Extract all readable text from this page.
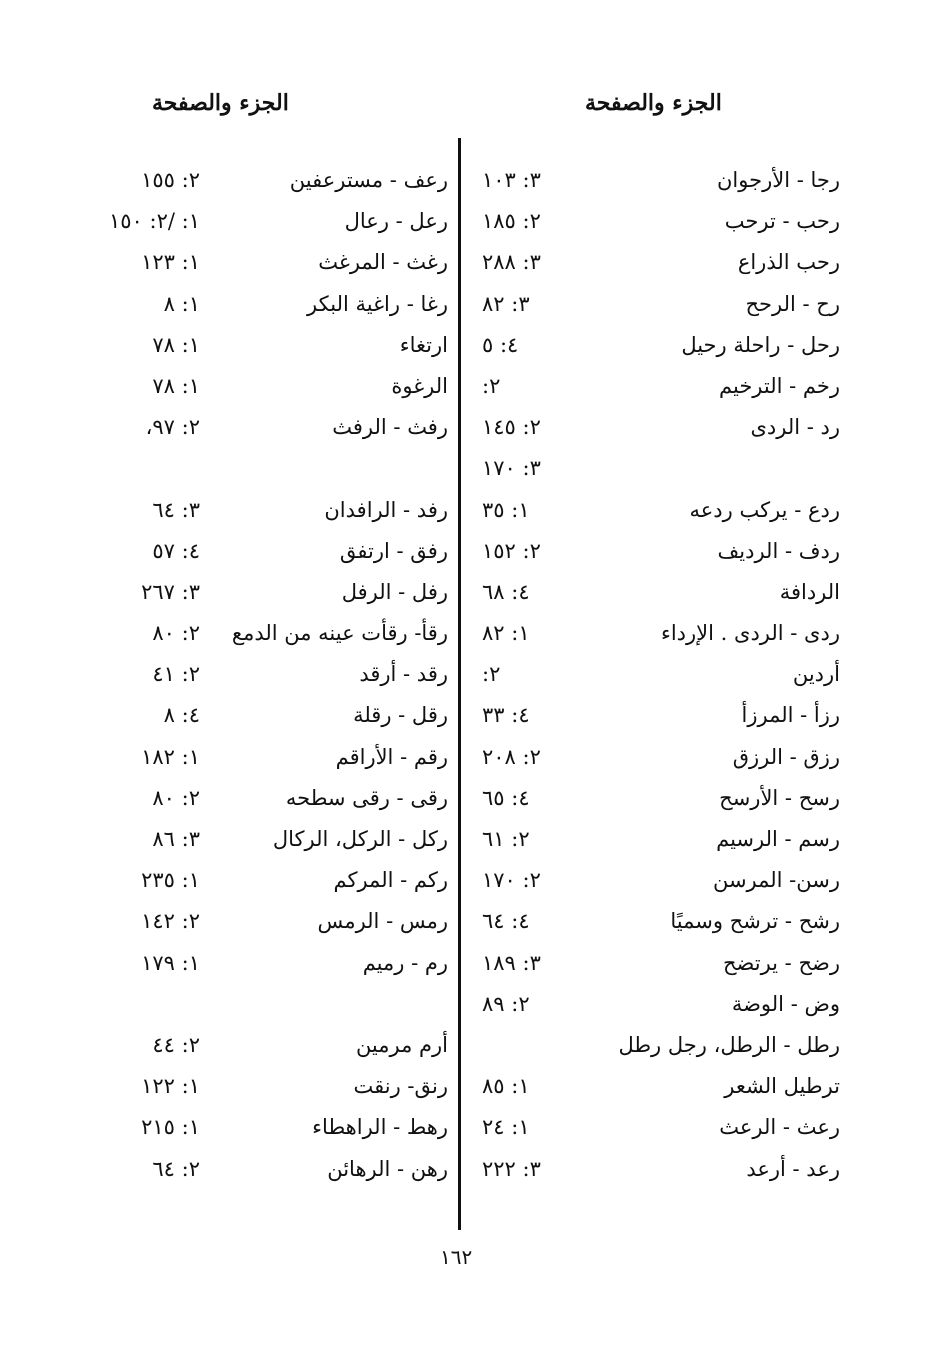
الجزء والصفحة
الجزء والصفحة
رجا - الأرجوان
٣: ١٠٣
رحب - ترحب
٢: ١٨٥
رحب الذراع
٣: ٢٨٨
رح - الرحح
٣: ٨٢
رحل - راحلة رحيل
٤: ٥
رخم - الترخيم
٢:
رد - الردى
٢: ١٤٥
٣: ١٧٠
ردع - يركب ردعه
١: ٣٥
ردف - الرديف
٢: ١٥٢
الردافة
٤: ٦٨
ردى - الردى . الإرداء
١: ٨٢
أردين
٢:
رزأ - المرزأ
٤: ٣٣
رزق - الرزق
٢: ٢٠٨
رسح - الأرسح
٤: ٦٥
رسم - الرسيم
٢: ٦١
رسن- المرسن
٢: ١٧٠
رشح - ترشح وسميًا
٤: ٦٤
رضح - يرتضح
٣: ١٨٩
وض - الوضة
٢: ٨٩
رطل - الرطل، رجل رطل
ترطيل الشعر
١: ٨٥
رعث - الرعث
١: ٢٤
رعد - أرعد
٣: ٢٢٢
رعف - مسترعفين
٢: ١٥٥
رعل - رعال
١: /٢: ١٥٠
رغث - المرغث
١: ١٢٣
رغا - راغية البكر
١: ٨
ارتغاء
١: ٧٨
الرغوة
١: ٧٨
رفث - الرفث
٢: ٩٧،
رفد - الرافدان
٣: ٦٤
رفق - ارتفق
٤: ٥٧
رفل - الرفل
٣: ٢٦٧
رقأ- رقأت عينه من الدمع
٢: ٨٠
رقد - أرقد
٢: ٤١
رقل - رقلة
٤: ٨
رقم - الأراقم
١: ١٨٢
رقى - رقى سطحه
٢: ٨٠
ركل - الركل، الركال
٣: ٨٦
ركم - المركم
١: ٢٣٥
رمس - الرمس
٢: ١٤٢
رم - رميم
١: ١٧٩
أرم مرمين
٢: ٤٤
رنق- رنقت
١: ١٢٢
رهط - الراهطاء
١: ٢١٥
رهن - الرهائن
٢: ٦٤
١٦٢
